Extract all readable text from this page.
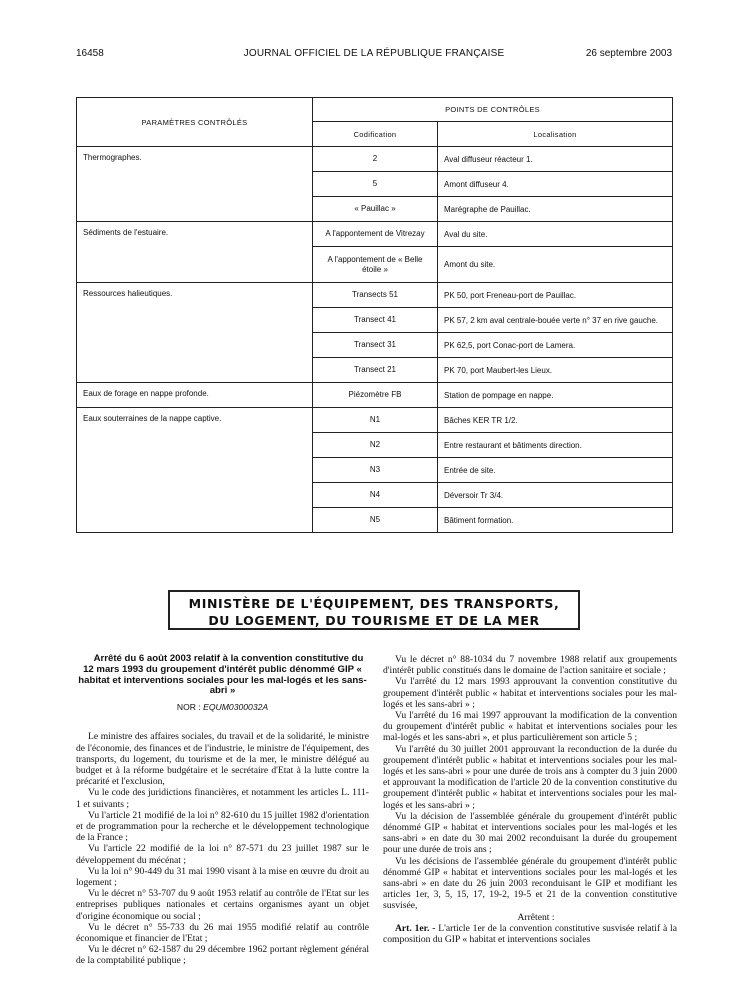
16458	JOURNAL OFFICIEL DE LA RÉPUBLIQUE FRANÇAISE	26 septembre 2003
PARAMÈTRES CONTRÔLÉS	POINTS DE CONTRÔLES	
	Codification	Localisation
Thermographes.	2	Aval diffuseur réacteur 1.
	5	Amont diffuseur 4.
	« Pauillac »	Marégraphe de Pauillac.
Sédiments de l'estuaire.	A l'appontement de Vitrezay	Aval du site.
	A l'appontement de « Belle étoile »	Amont du site.
Ressources halieutiques.	Transects 51	PK 50, port Freneau-port de Pauillac.
	Transect 41	PK 57, 2 km aval centrale-bouée verte n° 37 en rive gauche.
	Transect 31	PK 62,5, port Conac-port de Lamera.
	Transect 21	PK 70, port Maubert-les Lieux.
Eaux de forage en nappe profonde.	Piézomètre FB	Station de pompage en nappe.
Eaux souterraines de la nappe captive.	N1	Bâches KER TR 1/2.
	N2	Entre restaurant et bâtiments direction.
	N3	Entrée de site.
	N4	Déversoir Tr 3/4.
	N5	Bâtiment formation.
MINISTÈRE DE L'ÉQUIPEMENT, DES TRANSPORTS,
DU LOGEMENT, DU TOURISME ET DE LA MER

Arrêté du 6 août 2003 relatif à la convention constitutive du 12 mars 1993 du groupement d'intérêt public dénommé GIP « habitat et interventions sociales pour les mal-logés et les sans-abri »

NOR : EQUM0300032A

Le ministre des affaires sociales, du travail et de la solidarité, le ministre de l'économie, des finances et de l'industrie, le ministre de l'équipement, des transports, du logement, du tourisme et de la mer, le ministre délégué au budget et à la réforme budgétaire et le secrétaire d'Etat à la lutte contre la précarité et l'exclusion,

Vu le code des juridictions financières, et notamment les articles L. 111-1 et suivants ;

Vu l'article 21 modifié de la loi n° 82-610 du 15 juillet 1982 d'orientation et de programmation pour la recherche et le développement technologique de la France ;

Vu l'article 22 modifié de la loi n° 87-571 du 23 juillet 1987 sur le développement du mécénat ;

Vu la loi n° 90-449 du 31 mai 1990 visant à la mise en œuvre du droit au logement ;

Vu le décret n° 53-707 du 9 août 1953 relatif au contrôle de l'Etat sur les entreprises publiques nationales et certains organismes ayant un objet d'origine économique ou social ;

Vu le décret n° 55-733 du 26 mai 1955 modifié relatif au contrôle économique et financier de l'Etat ;

Vu le décret n° 62-1587 du 29 décembre 1962 portant règlement général de la comptabilité publique ;

Vu le décret n° 88-1034 du 7 novembre 1988 relatif aux groupements d'intérêt public constitués dans le domaine de l'action sanitaire et sociale ;

Vu l'arrêté du 12 mars 1993 approuvant la convention constitutive du groupement d'intérêt public « habitat et interventions sociales pour les mal-logés et les sans-abri » ;

Vu l'arrêté du 16 mai 1997 approuvant la modification de la convention du groupement d'intérêt public « habitat et interventions sociales pour les mal-logés et les sans-abri », et plus particulièrement son article 5 ;

Vu l'arrêté du 30 juillet 2001 approuvant la reconduction de la durée du groupement d'intérêt public « habitat et interventions sociales pour les mal-logés et les sans-abri » pour une durée de trois ans à compter du 3 juin 2000 et approuvant la modification de l'article 20 de la convention constitutive du groupement d'intérêt public « habitat et interventions sociales pour les mal-logés et les sans-abri » ;

Vu la décision de l'assemblée générale du groupement d'intérêt public dénommé GIP « habitat et interventions sociales pour les mal-logés et les sans-abri » en date du 30 mai 2002 reconduisant la durée du groupement pour une durée de trois ans ;

Vu les décisions de l'assemblée générale du groupement d'intérêt public dénommé GIP « habitat et interventions sociales pour les mal-logés et les sans-abri » en date du 26 juin 2003 reconduisant le GIP et modifiant les articles 1er, 3, 5, 15, 17, 19-2, 19-5 et 21 de la convention constitutive susvisée,

Arrêtent :

Art. 1er. - L'article 1er de la convention constitutive susvisée relatif à la composition du GIP « habitat et interventions sociales
